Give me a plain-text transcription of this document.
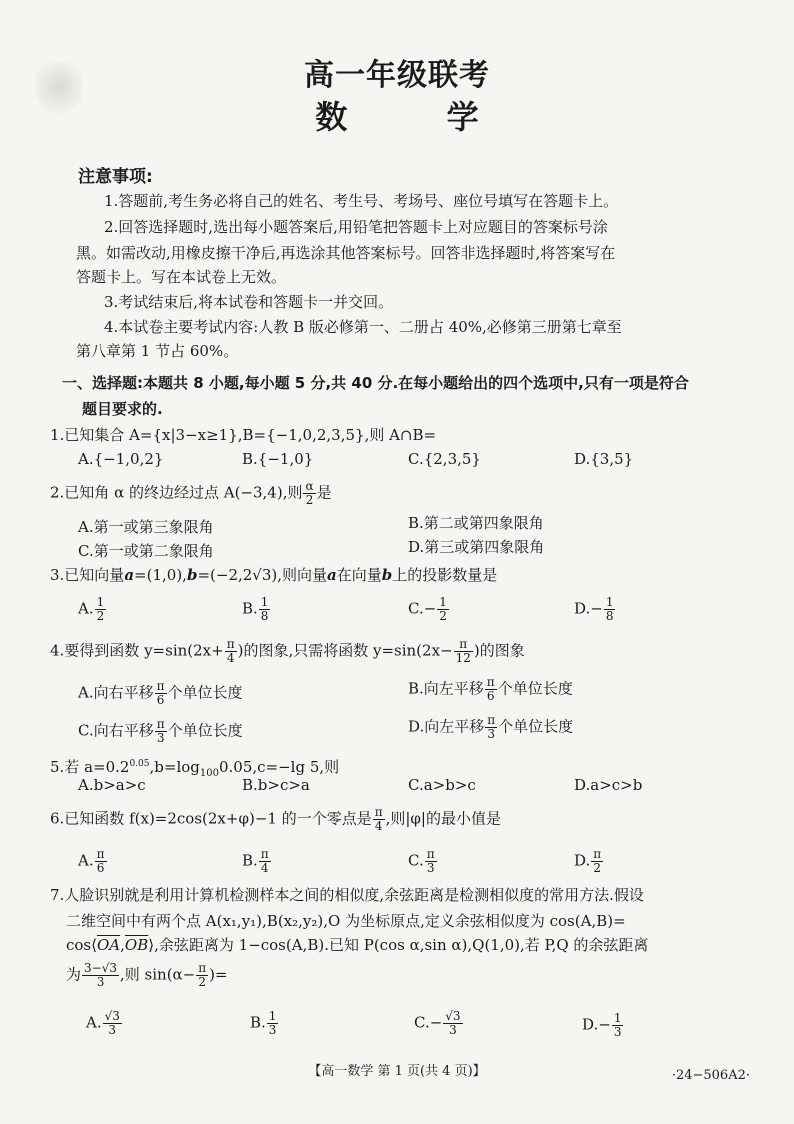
高一年级联考
数 学
注意事项:
1.答题前,考生务必将自己的姓名、考生号、考场号、座位号填写在答题卡上。
2.回答选择题时,选出每小题答案后,用铅笔把答题卡上对应题目的答案标号涂
黑。如需改动,用橡皮擦干净后,再选涂其他答案标号。回答非选择题时,将答案写在
答题卡上。写在本试卷上无效。
3.考试结束后,将本试卷和答题卡一并交回。
4.本试卷主要考试内容:人教 B 版必修第一、二册占 40%,必修第三册第七章至
第八章第 1 节占 60%。
一、选择题:本题共 8 小题,每小题 5 分,共 40 分.在每小题给出的四个选项中,只有一项是符合
题目要求的.
1.已知集合 A={x|3−x≥1},B={−1,0,2,3,5},则 A∩B=
A.{−1,0,2}	B.{−1,0}	C.{2,3,5}	D.{3,5}
2.已知角 α 的终边经过点 A(−3,4),则 $\frac{\alpha}{2}$ 是
A.第一或第三象限角	B.第二或第四象限角
C.第一或第二象限角	D.第三或第四象限角
3.已知向量a=(1,0),b=(−2,2√3),则向量a在向量b上的投影数量是
A. $\frac{1}{2}$	B. $\frac{1}{8}$	$C.- \frac{1}{2}$	$D.- \frac{1}{8}$
4.要得到函数 $y=\sin(2x+ \frac{\pi}{4}$ )的图象,只需将函数 $y=\sin(2x- \frac{\pi}{12}$ )的图象
A.向右平移 $\frac{\pi}{6}$ 个单位长度	B.向左平移 $\frac{\pi}{6}$ 个单位长度
C.向右平移 $\frac{\pi}{3}$ 个单位长度	D.向左平移 $\frac{\pi}{3}$ 个单位长度
5.若 $a=0.2^{0.05},b=\log_{100}0.05,c=-\lg$ 5,则
A.b>a>c	B.b>c>a	C.a>b>c	D.a>c>b
6.已知函数 f(x)=2cos(2x+φ)−1 的一个零点是 $\frac{\pi}{4}$ ,则|φ|的最小值是
A. $\frac{\pi}{6}$	B. $\frac{\pi}{4}$	C. $\frac{\pi}{3}$	D. $\frac{\pi}{2}$
7.人脸识别就是利用计算机检测样本之间的相似度,余弦距离是检测相似度的常用方法.假设
二维空间中有两个点 A(x₁,y₁),B(x₂,y₂),O 为坐标原点,定义余弦相似度为 cos(A,B)=
$\cos⟨\overline{OA},\overline{OB}⟩$,余弦距离为 1−cos(A,B).已知 P(cos α,sin α),Q(1,0),若 P,Q 的余弦距离
为 $\frac{3-√3}{3}$ ,则 $\sin(\alpha- \frac{\pi}{2}$ )=
A. $\frac{√3}{3}$	B. $\frac{1}{3}$	$C.- \frac{√3}{3}$	$D.- \frac{1}{3}$
【高一数学 第 1 页(共 4 页)】	·24−506A2·
